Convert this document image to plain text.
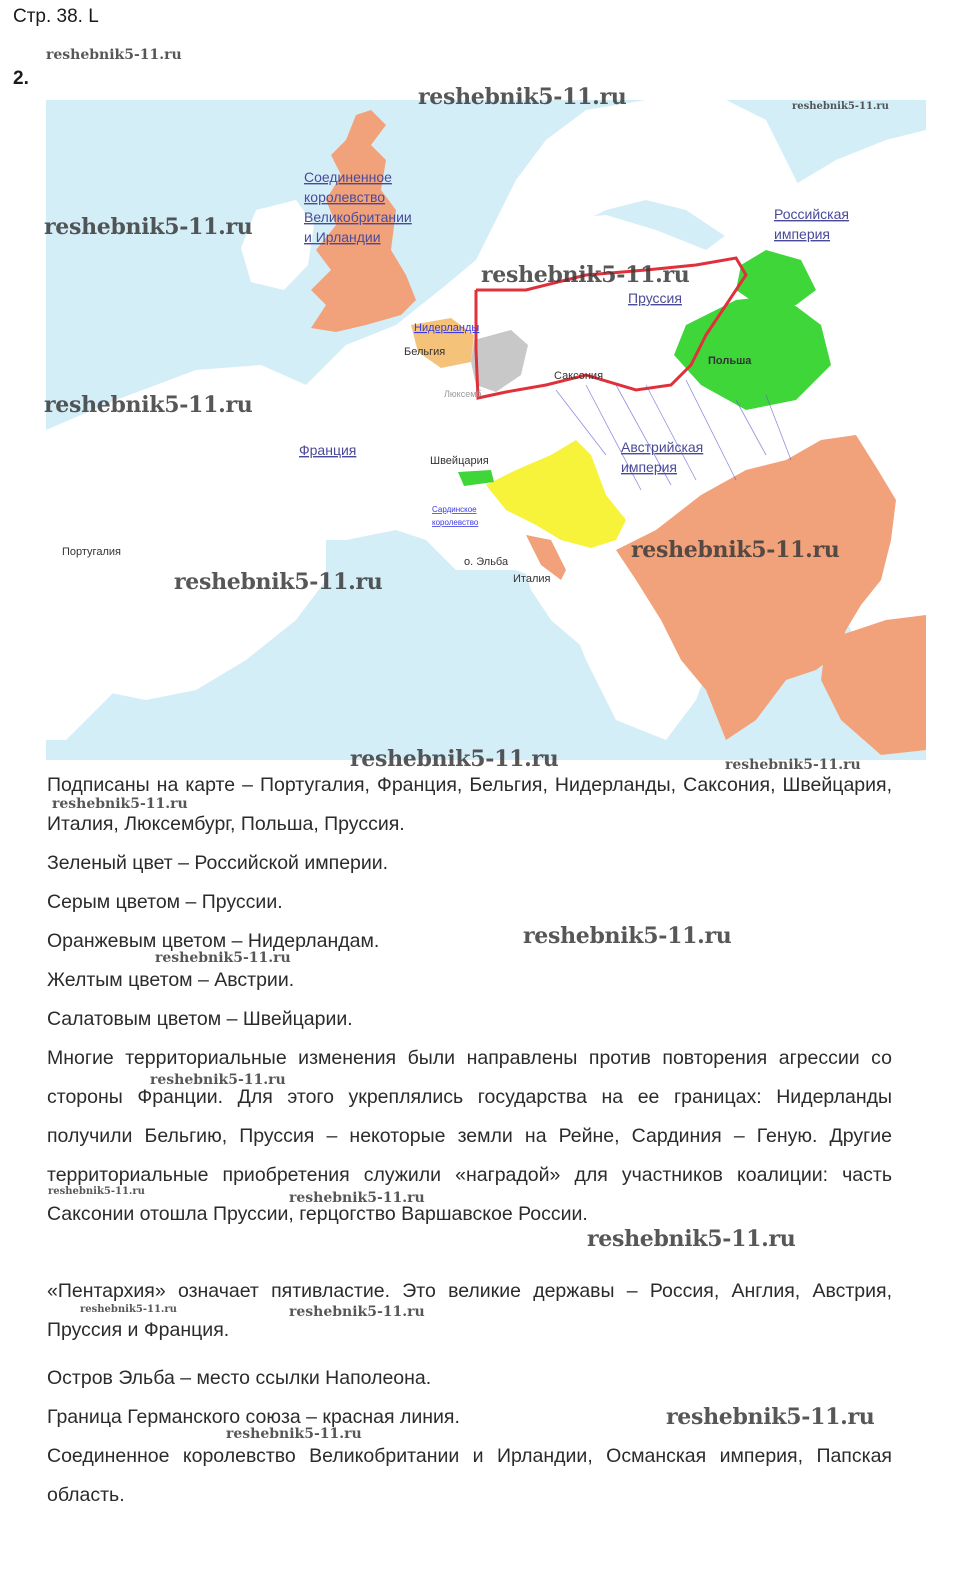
Стр. 38. L
2.
Соединенное
королевство
Великобритании
и Ирландии
Российская
империя
Пруссия
Австрийская
империя
Франция
Нидерланды
Бельгия
Саксония
Люксемб
Польша
Швейцария
Сардинское
королевство
Португалия
о. Эльба
Италия
reshebnik5-11.ru
reshebnik5-11.ru	reshebnik5-11.ru
reshebnik5-11.ru
reshebnik5-11.ru
reshebnik5-11.ru
reshebnik5-11.ru
reshebnik5-11.ru
reshebnik5-11.ru	reshebnik5-11.ru
reshebnik5-11.ru
reshebnik5-11.ru
reshebnik5-11.ru
reshebnik5-11.ru
reshebnik5-11.ru	reshebnik5-11.ru
reshebnik5-11.ru
reshebnik5-11.ru	reshebnik5-11.ru
reshebnik5-11.ru
reshebnik5-11.ru

Подписаны на карте – Португалия, Франция, Бельгия, Нидерланды, Саксония, Швейцария, Италия, Люксембург, Польша, Пруссия.

Зеленый цвет – Российской империи.

Серым цветом – Пруссии.

Оранжевым цветом – Нидерландам.

Желтым цветом – Австрии.

Салатовым цветом – Швейцарии.

Многие территориальные изменения были направлены против повторения агрессии со стороны Франции. Для этого укреплялись государства на ее границах: Нидерланды получили Бельгию, Пруссия – некоторые земли на Рейне, Сардиния – Геную. Другие территориальные приобретения служили «наградой» для участников коалиции: часть Саксонии отошла Пруссии, герцогство Варшавское России.

«Пентархия» означает пятивластие. Это великие державы – Россия, Англия, Австрия, Пруссия и Франция.

Остров Эльба – место ссылки Наполеона.

Граница Германского союза – красная линия.

Соединенное королевство Великобритании и Ирландии, Османская империя, Папская область.
